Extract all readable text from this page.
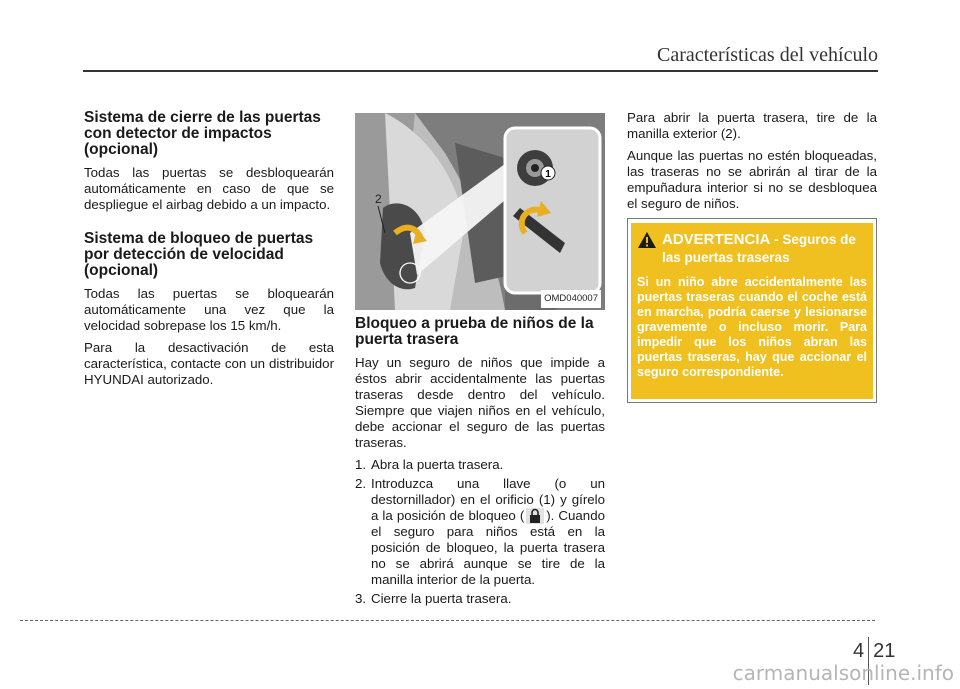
Características del vehículo
Sistema de cierre de las puertas con detector de impactos (opcional)

Todas las puertas se desbloquearán automáticamente en caso de que se despliegue el airbag debido a un impacto.

Sistema de bloqueo de puertas por detección de velocidad (opcional)

Todas las puertas se bloquearán automáticamente una vez que la velocidad sobrepase los 15 km/h.

Para la desactivación de esta característica, contacte con un distribuidor HYUNDAI autorizado.

1
2
OMD040007
Bloqueo a prueba de niños de la puerta trasera

Hay un seguro de niños que impide a éstos abrir accidentalmente las puertas traseras desde dentro del vehículo. Siempre que viajen niños en el vehículo, debe accionar el seguro de las puertas traseras.

1. Abra la puerta trasera.
2. Introduzca una llave (o un destornillador) en el orificio (1) y gírelo a la posición de bloqueo ( ). Cuando el seguro para niños está en la posición de bloqueo, la puerta trasera no se abrirá aunque se tire de la manilla interior de la puerta.
3. Cierre la puerta trasera.

Para abrir la puerta trasera, tire de la manilla exterior (2).

Aunque las puertas no estén bloqueadas, las traseras no se abrirán al tirar de la empuñadura interior si no se desbloquea el seguro de niños.

ADVERTENCIA - Seguros de las puertas traseras
Si un niño abre accidentalmente las puertas traseras cuando el coche está en marcha, podría caerse y lesionarse gravemente o incluso morir. Para impedir que los niños abran las puertas traseras, hay que accionar el seguro correspondiente.
4 21
carmanualsonline.info
